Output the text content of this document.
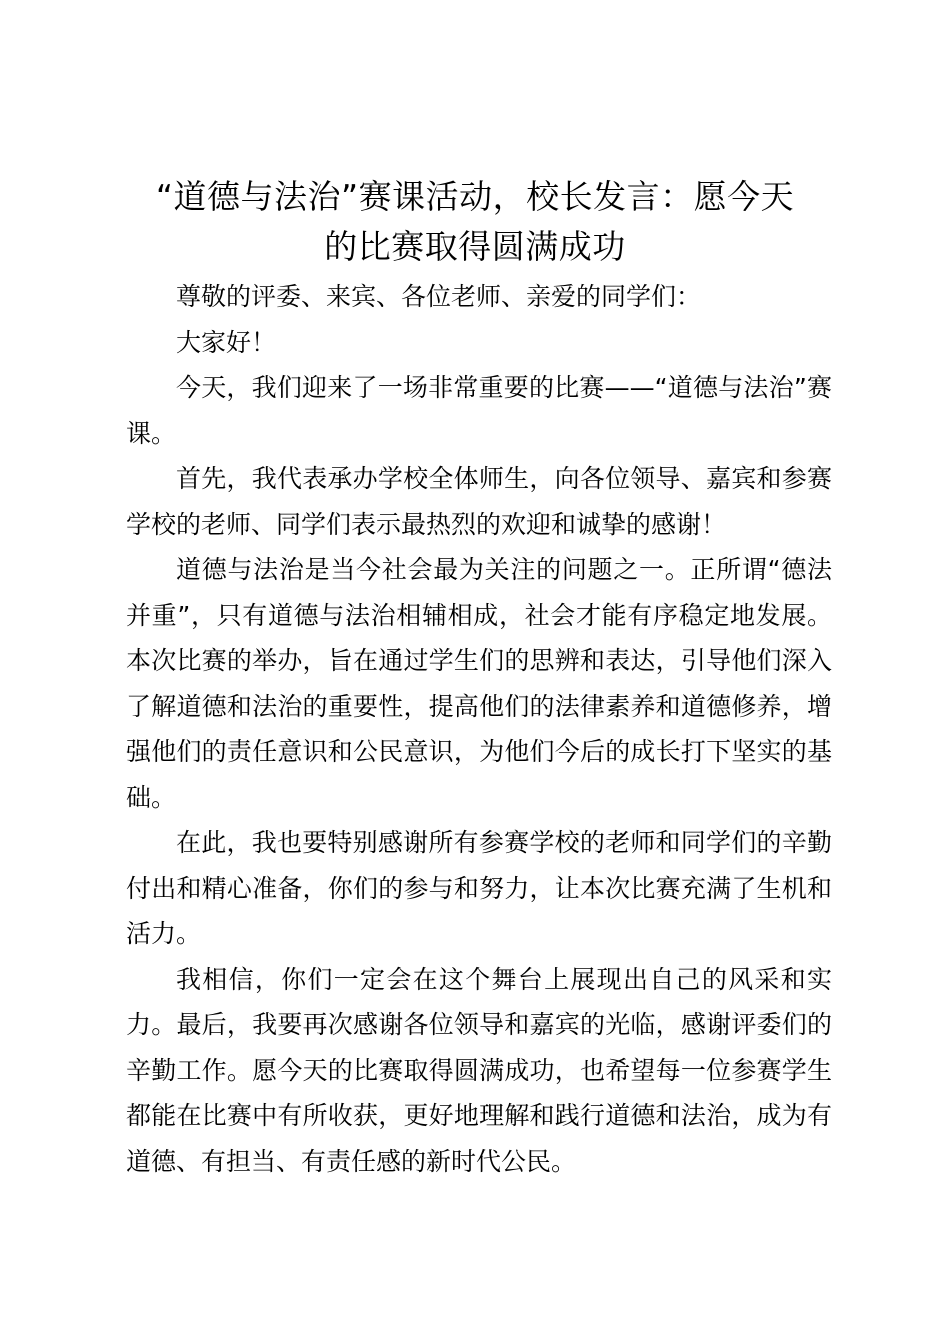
“道德与法治”赛课活动，校长发言：愿今天
的比赛取得圆满成功

尊敬的评委、来宾、各位老师、亲爱的同学们：

大家好！

今天，我们迎来了一场非常重要的比赛——“道德与法治”赛课。

首先，我代表承办学校全体师生，向各位领导、嘉宾和参赛学校的老师、同学们表示最热烈的欢迎和诚挚的感谢！

道德与法治是当今社会最为关注的问题之一。正所谓“德法并重”，只有道德与法治相辅相成，社会才能有序稳定地发展。本次比赛的举办，旨在通过学生们的思辨和表达，引导他们深入了解道德和法治的重要性，提高他们的法律素养和道德修养，增强他们的责任意识和公民意识，为他们今后的成长打下坚实的基础。

在此，我也要特别感谢所有参赛学校的老师和同学们的辛勤付出和精心准备，你们的参与和努力，让本次比赛充满了生机和活力。

我相信，你们一定会在这个舞台上展现出自己的风采和实力。最后，我要再次感谢各位领导和嘉宾的光临，感谢评委们的辛勤工作。愿今天的比赛取得圆满成功，也希望每一位参赛学生都能在比赛中有所收获，更好地理解和践行道德和法治，成为有道德、有担当、有责任感的新时代公民。
